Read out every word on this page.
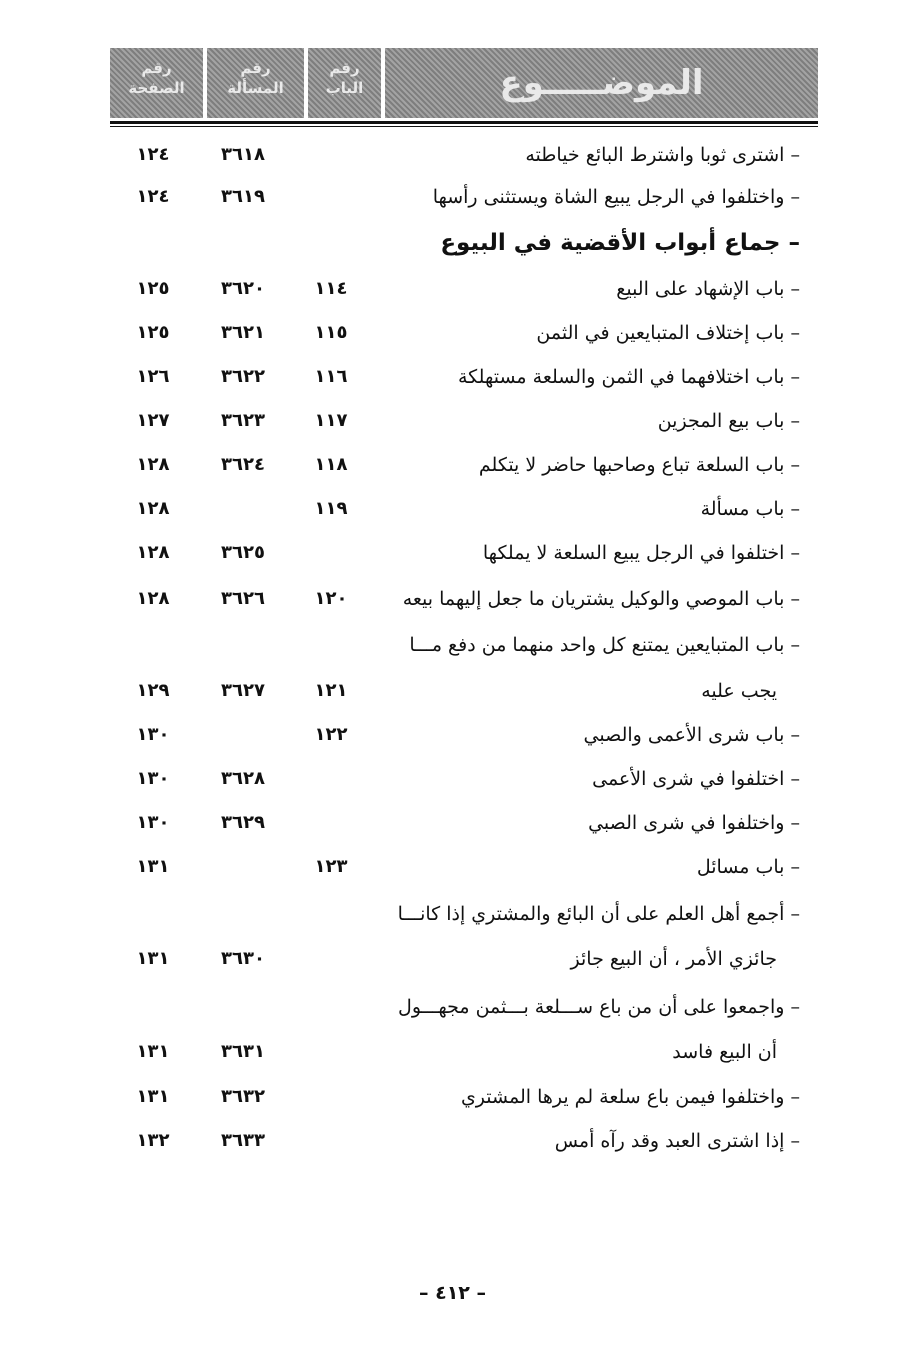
الموضـــــوع
رقم
الباب
رقم
المسألة
رقم
الصفحة
– اشترى ثوبا واشترط البائع خياطته
٣٦١٨
١٢٤
– واختلفوا في الرجل يبيع الشاة ويستثنى رأسها
٣٦١٩
١٢٤
– جماع أبواب الأقضية في البيوع
– باب الإشهاد على البيع
١١٤
٣٦٢٠
١٢٥
– باب إختلاف المتبايعين في الثمن
١١٥
٣٦٢١
١٢٥
– باب اختلافهما في الثمن والسلعة مستهلكة
١١٦
٣٦٢٢
١٢٦
– باب بيع المجزين
١١٧
٣٦٢٣
١٢٧
– باب السلعة تباع وصاحبها حاضر لا يتكلم
١١٨
٣٦٢٤
١٢٨
– باب مسألة
١١٩
١٢٨
– اختلفوا في الرجل يبيع السلعة لا يملكها
٣٦٢٥
١٢٨
– باب الموصي والوكيل يشتريان ما جعل إليهما بيعه
١٢٠
٣٦٢٦
١٢٨
– باب المتبايعين يمتنع كل واحد منهما من دفع مـــا
يجب عليه
١٢١
٣٦٢٧
١٢٩
– باب شرى الأعمى والصبي
١٢٢
١٣٠
– اختلفوا في شرى الأعمى
٣٦٢٨
١٣٠
– واختلفوا في شرى الصبي
٣٦٢٩
١٣٠
– باب مسائل
١٢٣
١٣١
– أجمع أهل العلم على أن البائع والمشتري إذا كانـــا
جائزي الأمر ، أن البيع جائز
٣٦٣٠
١٣١
– واجمعوا على أن من باع ســـلعة بـــثمن مجهـــول
أن البيع فاسد
٣٦٣١
١٣١
– واختلفوا فيمن باع سلعة لم يرها المشتري
٣٦٣٢
١٣١
– إذا اشترى العبد وقد رآه أمس
٣٦٣٣
١٣٢
– ٤١٢ –
